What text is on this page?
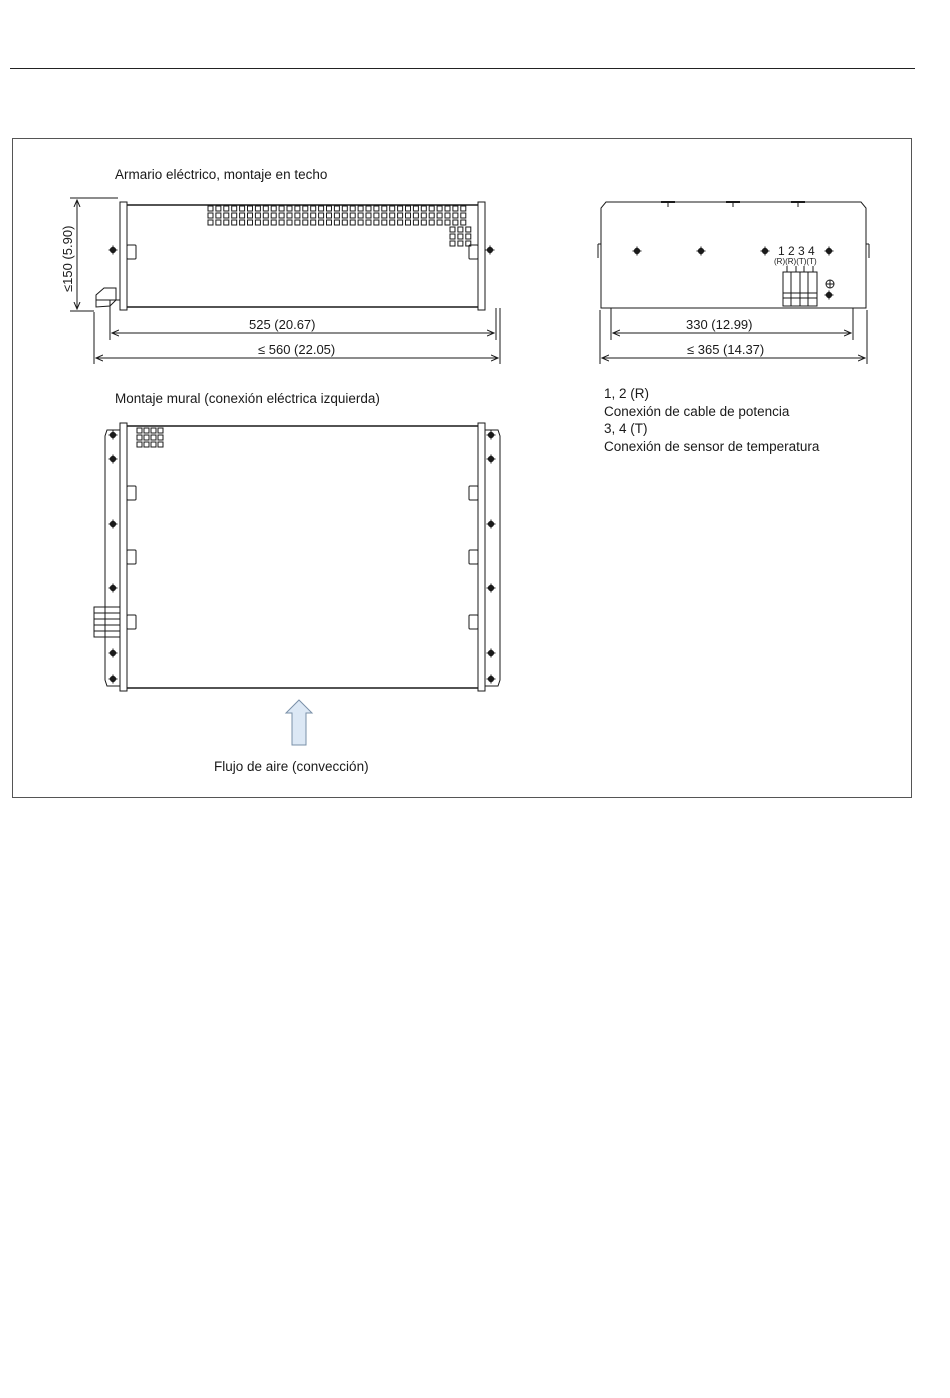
Armario eléctrico, montaje en techo
≤150 (5.90)
525 (20.67)
≤ 560 (22.05)
1 2 3 4
(R)(R)(T)(T)
330 (12.99)
≤ 365 (14.37)
1, 2 (R)
Conexión de cable de potencia
3, 4 (T)
Conexión de sensor de temperatura
Montaje mural (conexión eléctrica izquierda)
Flujo de aire (convección)
